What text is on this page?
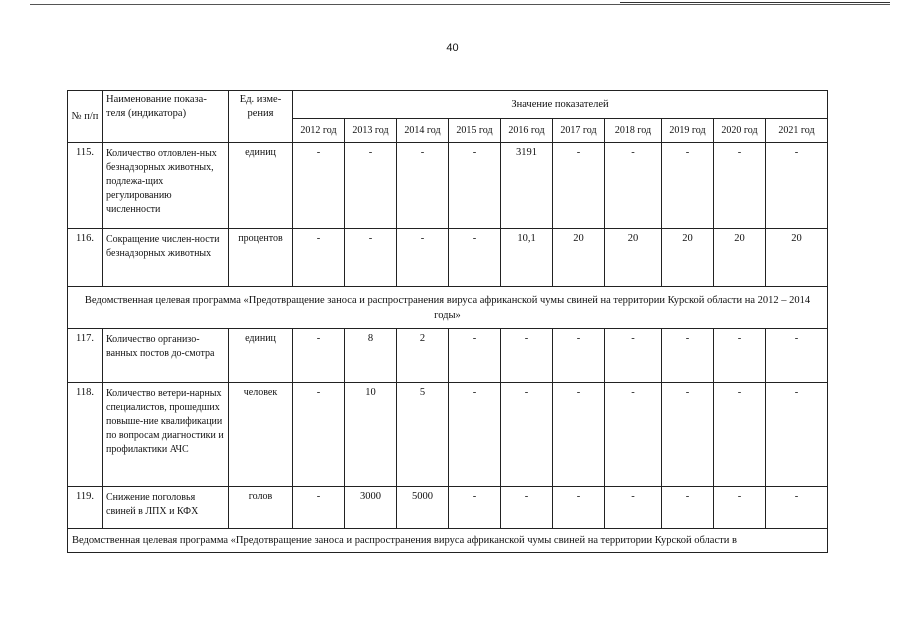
40
№ п/п	Наименование показа-теля (индикатора)	Ед. изме-рения	Значение показателей									
			2012 год	2013 год	2014 год	2015 год	2016 год	2017 год	2018 год	2019 год	2020 год	2021 год
115.	Количество отловлен-ных безнадзорных животных, подлежа-щих регулированию численности	единиц	-	-	-	-	3191	-	-	-	-	-
116.	Сокращение числен-ности безнадзорных животных	процентов	-	-	-	-	10,1	20	20	20	20	20
Ведомственная целевая программа «Предотвращение заноса и распространения вируса африканской чумы свиней на территории Курской области на 2012 – 2014 годы»												
117.	Количество организо-ванных постов до-смотра	единиц	-	8	2	-	-	-	-	-	-	-
118.	Количество ветери-нарных специалистов, прошедших повыше-ние квалификации по вопросам диагностики и профилактики АЧС	человек	-	10	5	-	-	-	-	-	-	-
119.	Снижение поголовья свиней в ЛПХ и КФХ	голов	-	3000	5000	-	-	-	-	-	-	-
Ведомственная целевая программа «Предотвращение заноса и распространения вируса африканской чумы свиней на территории Курской области в												
